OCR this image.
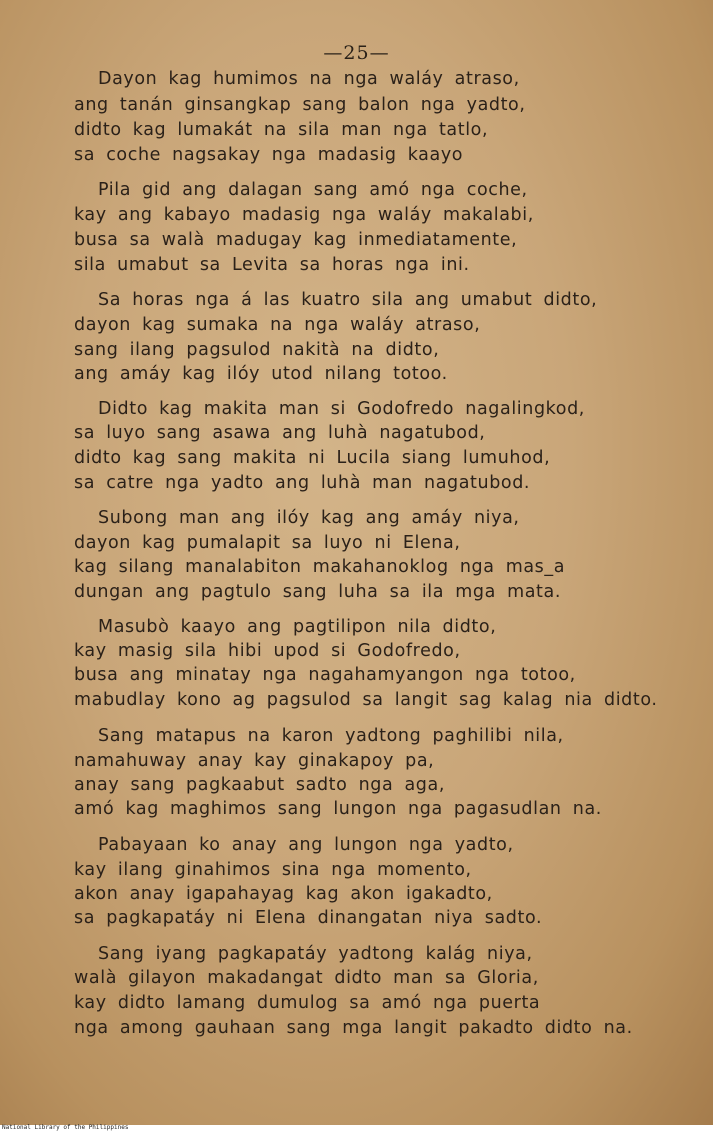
—25—
Dayon kag humimos na nga waláy atraso,
ang tanán ginsangkap sang balon nga yadto,
didto kag lumakát na sila man nga tatlo,
sa coche nagsakay nga madasig kaayo
Pila gid ang dalagan sang amó nga coche,
kay ang kabayo madasig nga waláy makalabi,
busa sa walà madugay kag inmediatamente,
sila umabut sa Levita sa horas nga ini.
Sa horas nga á las kuatro sila ang umabut didto,
dayon kag sumaka na nga waláy atraso,
sang ilang pagsulod nakità na didto,
ang amáy kag ilóy utod nilang totoo.
Didto kag makita man si Godofredo nagalingkod,
sa luyo sang asawa ang luhà nagatubod,
didto kag sang makita ni Lucila siang lumuhod,
sa catre nga yadto ang luhà man nagatubod.
Subong man ang ilóy kag ang amáy niya,
dayon kag pumalapit sa luyo ni Elena,
kag silang manalabiton makahanoklog nga mas_a
dungan ang pagtulo sang luha sa ila mga mata.
Masubò kaayo ang pagtilipon nila didto,
kay masig sila hibi upod si Godofredo,
busa ang minatay nga nagahamyangon nga totoo,
mabudlay kono ag pagsulod sa langit sag kalag nia didto.
Sang matapus na karon yadtong paghilibi nila,
namahuway anay kay ginakapoy pa,
anay sang pagkaabut sadto nga aga,
amó kag maghimos sang lungon nga pagasudlan na.
Pabayaan ko anay ang lungon nga yadto,
kay ilang ginahimos sina nga momento,
akon anay igapahayag kag akon igakadto,
sa pagkapatáy ni Elena dinangatan niya sadto.
Sang iyang pagkapatáy yadtong kalág niya,
walà gilayon makadangat didto man sa Gloria,
kay didto lamang dumulog sa amó nga puerta
nga among gauhaan sang mga langit pakadto didto na.
National Library of the Philippines
